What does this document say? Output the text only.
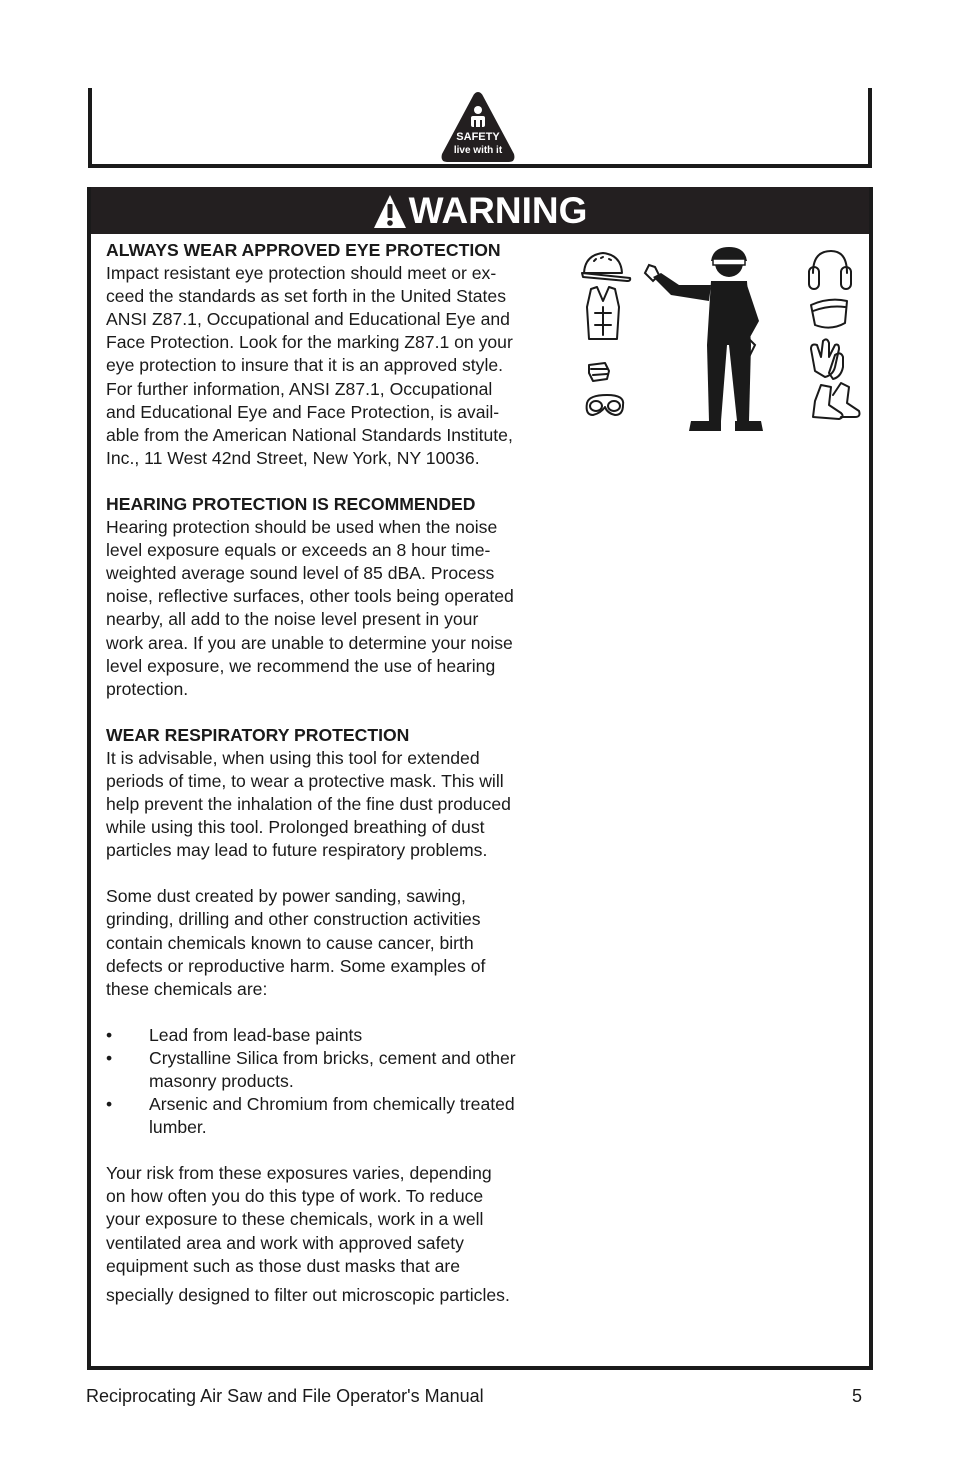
SAFETY
live with it
WARNING
ALWAYS WEAR APPROVED EYE PROTECTION

Impact resistant eye protection should meet or ex-
ceed the standards as set forth in the United States
ANSI Z87.1, Occupational and Educational Eye and
Face Protection. Look for the marking Z87.1 on your
eye protection to insure that it is an approved style.
For further information, ANSI Z87.1, Occupational
and Educational Eye and Face Protection, is avail-
able from the American National Standards Institute,
Inc., 11 West 42nd Street, New York, NY 10036.

HEARING PROTECTION IS RECOMMENDED

Hearing protection should be used when the noise
level exposure equals or exceeds an 8 hour time-
weighted average sound level of 85 dBA. Process
noise, reflective surfaces, other tools being operated
nearby, all add to the noise level present in your
work area. If you are unable to determine your noise
level exposure, we recommend the use of hearing
protection.

WEAR RESPIRATORY PROTECTION

It is advisable, when using this tool for extended
periods of time, to wear a protective mask. This will
help prevent the inhalation of the fine dust produced
while using this tool. Prolonged breathing of dust
particles may lead to future respiratory problems.

Some dust created by power sanding, sawing,
grinding, drilling and other construction activities
contain chemicals known to cause cancer, birth
defects or reproductive harm. Some examples of
these chemicals are:

• Lead from lead-base paints
• Crystalline Silica from bricks, cement and other
masonry products.
• Arsenic and Chromium from chemically treated
lumber.

Your risk from these exposures varies, depending
on how often you do this type of work. To reduce
your exposure to these chemicals, work in a well
ventilated area and work with approved safety
equipment such as those dust masks that are

specially designed to filter out microscopic particles.

Reciprocating Air Saw and File Operator's Manual	5
